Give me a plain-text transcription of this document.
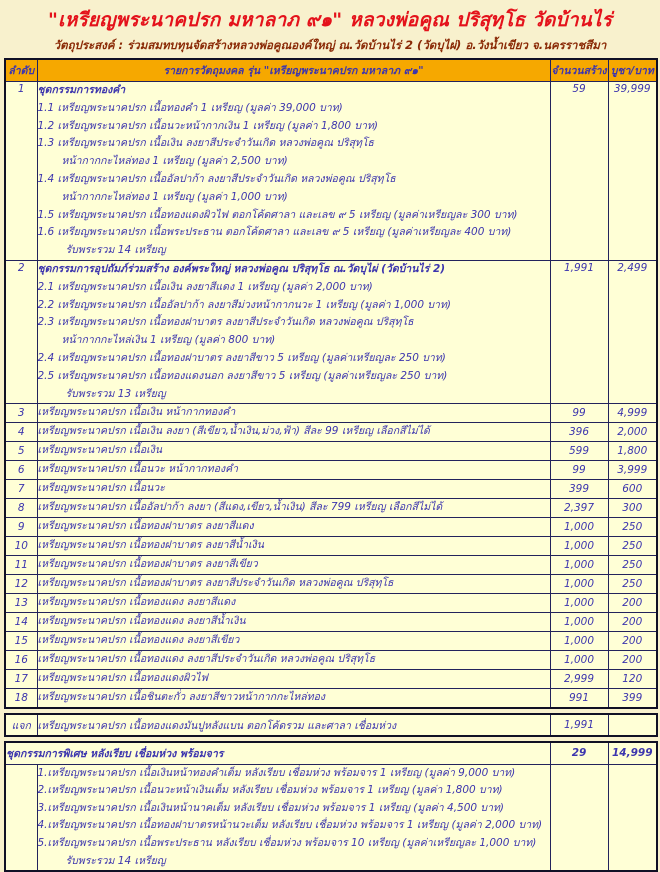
"เหรียญพระนาคปรก มหาลาภ ๙๑" หลวงพ่อคูณ ปริสุทฺโธ วัดบ้านไร่
วัตถุประสงค์ : ร่วมสมทบทุนจัดสร้างหลวงพ่อคูณองค์ใหญ่ ณ.วัดบ้านไร่ 2 (วัดบุไผ่) อ.วังน้ำเขียว จ.นครราชสีมา
ลำดับ	รายการวัตถุมงคล รุ่น "เหรียญพระนาคปรก มหาลาภ ๙๑"	จำนวนสร้าง	บูชา/บาท
1	ชุดกรรมการทองคำ
1.1 เหรียญพระนาคปรก เนื้อทองคำ 1 เหรียญ (มูลค่า 39,000 บาท)
1.2 เหรียญพระนาคปรก เนื้อนวะหน้ากากเงิน 1 เหรียญ (มูลค่า 1,800 บาท)
1.3 เหรียญพระนาคปรก เนื้อเงิน ลงยาสีประจำวันเกิด หลวงพ่อคูณ ปริสุทฺโธ
หน้ากากกะไหล่ทอง 1 เหรียญ (มูลค่า 2,500 บาท)
1.4 เหรียญพระนาคปรก เนื้ออัลปาก้า ลงยาสีประจำวันเกิด หลวงพ่อคูณ ปริสุทฺโธ
หน้ากากกะไหล่ทอง 1 เหรียญ (มูลค่า 1,000 บาท)
1.5 เหรียญพระนาคปรก เนื้อทองแดงผิวไฟ ตอกโค้ดศาลา และเลข ๙ 5 เหรียญ (มูลค่าเหรียญละ 300 บาท)
1.6 เหรียญพระนาคปรก เนื้อพระประธาน ตอกโค้ดศาลา และเลข ๙ 5 เหรียญ (มูลค่าเหรียญละ 400 บาท)
รับพระรวม 14 เหรียญ
	59	39,999
2	ชุดกรรมการอุปถัมภ์ร่วมสร้าง องค์พระใหญ่ หลวงพ่อคูณ ปริสุทฺโธ ณ.วัดบุไผ่ (วัดบ้านไร่ 2)
2.1 เหรียญพระนาคปรก เนื้อเงิน ลงยาสีแดง 1 เหรียญ (มูลค่า 2,000 บาท)
2.2 เหรียญพระนาคปรก เนื้ออัลปาก้า ลงยาสีม่วงหน้ากากนวะ 1 เหรียญ (มูลค่า 1,000 บาท)
2.3 เหรียญพระนาคปรก เนื้อทองฝาบาตร ลงยาสีประจำวันเกิด หลวงพ่อคูณ ปริสุทฺโธ
หน้ากากกะไหล่เงิน 1 เหรียญ (มูลค่า 800 บาท)
2.4 เหรียญพระนาคปรก เนื้อทองฝาบาตร ลงยาสีขาว 5 เหรียญ (มูลค่าเหรียญละ 250 บาท)
2.5 เหรียญพระนาคปรก เนื้อทองแดงนอก ลงยาสีขาว 5 เหรียญ (มูลค่าเหรียญละ 250 บาท)
รับพระรวม 13 เหรียญ
	1,991	2,499
3	เหรียญพระนาคปรก เนื้อเงิน หน้ากากทองคำ	99	4,999
4	เหรียญพระนาคปรก เนื้อเงิน ลงยา (สีเขียว,น้ำเงิน,ม่วง,ฟ้า) สีละ 99 เหรียญ เลือกสีไม่ได้	396	2,000
5	เหรียญพระนาคปรก เนื้อเงิน	599	1,800
6	เหรียญพระนาคปรก เนื้อนวะ หน้ากากทองคำ	99	3,999
7	เหรียญพระนาคปรก เนื้อนวะ	399	600
8	เหรียญพระนาคปรก เนื้ออัลปาก้า ลงยา (สีแดง,เขียว,น้ำเงิน) สีละ 799 เหรียญ เลือกสีไม่ได้	2,397	300
9	เหรียญพระนาคปรก เนื้อทองฝาบาตร ลงยาสีแดง	1,000	250
10	เหรียญพระนาคปรก เนื้อทองฝาบาตร ลงยาสีน้ำเงิน	1,000	250
11	เหรียญพระนาคปรก เนื้อทองฝาบาตร ลงยาสีเขียว	1,000	250
12	เหรียญพระนาคปรก เนื้อทองฝาบาตร ลงยาสีประจำวันเกิด หลวงพ่อคูณ ปริสุทฺโธ	1,000	250
13	เหรียญพระนาคปรก เนื้อทองแดง ลงยาสีแดง	1,000	200
14	เหรียญพระนาคปรก เนื้อทองแดง ลงยาสีน้ำเงิน	1,000	200
15	เหรียญพระนาคปรก เนื้อทองแดง ลงยาสีเขียว	1,000	200
16	เหรียญพระนาคปรก เนื้อทองแดง ลงยาสีประจำวันเกิด หลวงพ่อคูณ ปริสุทฺโธ	1,000	200
17	เหรียญพระนาคปรก เนื้อทองแดงผิวไฟ	2,999	120
18	เหรียญพระนาคปรก เนื้อชินตะกั่ว ลงยาสีขาวหน้ากากกะไหล่ทอง	991	399
แจก	เหรียญพระนาคปรก เนื้อทองแดงมันปูหลังแบน ตอกโค้ดรวม และศาลา เชื่อมห่วง	1,991	
ชุดกรรมการพิเศษ หลังเรียบ เชื่อมห่วง พร้อมจาร		29	14,999

1.เหรียญพระนาคปรก เนื้อเงินหน้าทองคำเต็ม หลังเรียบ เชื่อมห่วง พร้อมจาร 1 เหรียญ (มูลค่า 9,000 บาท)
2.เหรียญพระนาคปรก เนื้อนวะหน้าเงินเต็ม หลังเรียบ เชื่อมห่วง พร้อมจาร 1 เหรียญ (มูลค่า 1,800 บาท)
3.เหรียญพระนาคปรก เนื้อเงินหน้านาคเต็ม หลังเรียบ เชื่อมห่วง พร้อมจาร 1 เหรียญ (มูลค่า 4,500 บาท)
4.เหรียญพระนาคปรก เนื้อทองฝาบาตรหน้านวะเต็ม หลังเรียบ เชื่อมห่วง พร้อมจาร 1 เหรียญ (มูลค่า 2,000 บาท)
5.เหรียญพระนาคปรก เนื้อพระประธาน หลังเรียบ เชื่อมห่วง พร้อมจาร 10 เหรียญ (มูลค่าเหรียญละ 1,000 บาท)
รับพระรวม 14 เหรียญ
